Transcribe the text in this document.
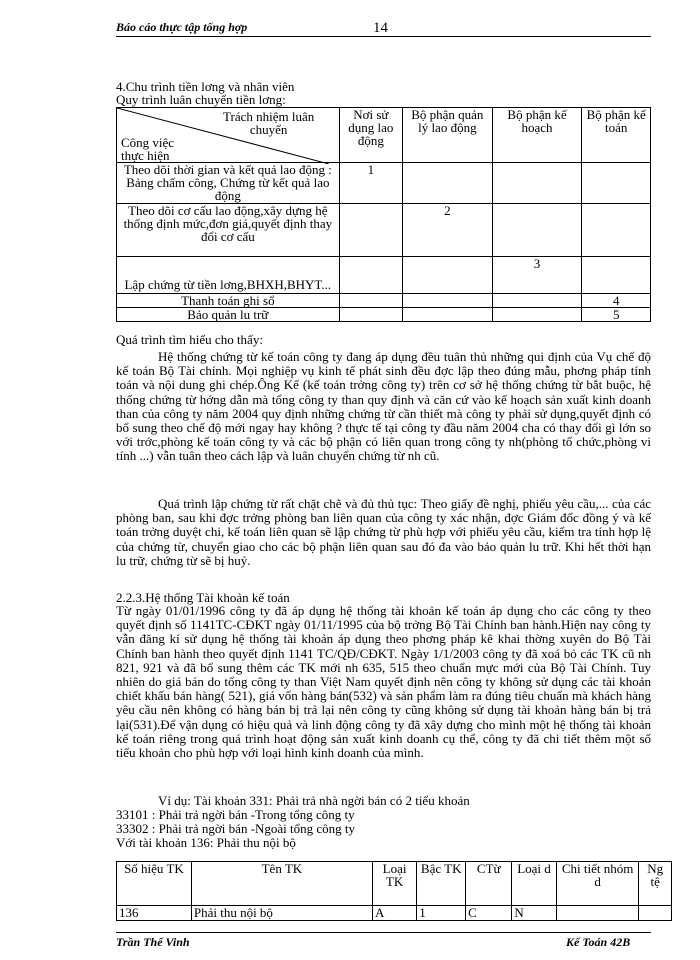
Báo cáo thực tập tổng hợp	14
4.Chu trình tiền lơng và nhân viên
Quy trình luân chuyển tiền lơng:
Trách nhiệm luân chuyển
Công việc thực hiện	Nơi sử dụng lao động	Bộ phận quản lý lao động	Bộ phận kế hoạch	Bộ phận kế toán
Theo dõi thời gian và kết quả lao động : Bảng chấm công, Chứng từ kết quả lao động	1			
Theo dõi cơ cấu lao động,xây dựng hệ thống định mức,đơn giá,quyết định thay đổi cơ cấu		2		
Lập chứng từ tiền lơng,BHXH,BHYT...			3	
Thanh toán ghi sổ				4
Bảo quản lu trữ				5
Quá trình tìm hiểu cho thấy:
Hệ thống chứng từ kế toán công ty đang áp dụng đều tuân thủ những qui định của Vụ chế độ kế toán Bộ Tài chính. Mọi nghiệp vụ kinh tế phát sinh đều đợc lập theo đúng mẫu, phơng pháp tính toán và nội dung ghi chép.Ông Kế (kế toán trởng công ty) trên cơ sở hệ thống chứng từ bắt buộc, hệ thống chứng từ hớng dẫn mà tổng công ty than quy định và căn cứ vào kế hoạch sản xuất kinh doanh than của công ty năm 2004 quy định những chứng từ cần thiết mà công ty phải sử dụng,quyết định có bổ sung theo chế độ mới ngay hay không ? thực tế tại công ty đầu năm 2004 cha có thay đổi gì lớn so với trớc,phòng kế toán công ty và các bộ phận có liên quan trong công ty nh(phòng tổ chức,phòng vi tính ...) vẫn tuân theo cách lập và luân chuyển chứng từ nh cũ.
Quá trình lập chứng từ rất chặt chẽ và đủ thủ tục: Theo giấy đề nghị, phiếu yêu cầu,... của các phòng ban, sau khi đợc trởng phòng ban liên quan của công ty xác nhận, đợc Giám đốc đồng ý và kế toán trởng duyệt chi, kế toán liên quan sẽ lập chứng từ phù hợp với phiếu yêu cầu, kiểm tra tính hợp lệ của chứng từ, chuyển giao cho các bộ phận liên quan sau đó đa vào bảo quản lu trữ. Khi hết thời hạn lu trữ, chứng từ sẽ bị huỷ.
2.2.3.Hệ thống Tài khoản kế toán
Từ ngày 01/01/1996 công ty đã áp dụng hệ thống tài khoản kế toán áp dụng cho các công ty theo quyết định số 1141TC-CĐKT ngày 01/11/1995 của bộ trởng Bộ Tài Chính ban hành.Hiện nay công ty vẫn đăng kí sử dụng hệ thống tài khoản áp dụng theo phơng pháp kê khai thờng xuyên do Bộ Tài Chính ban hành theo quyết định 1141 TC/QĐ/CĐKT. Ngày 1/1/2003 công ty đã xoá bỏ các TK cũ nh 821, 921 và đã bổ sung thêm các TK mới nh 635, 515 theo chuẩn mực mới của Bộ Tài Chính. Tuy nhiên do giá bán do tổng công ty than Việt Nam quyết định nên công ty không sử dụng các tài khoản chiết khấu bán hàng( 521), giá vốn hàng bán(532) và sản phẩm làm ra đúng tiêu chuẩn mà khách hàng yêu cầu nên không có hàng bán bị trả lại nên công ty cũng không sử dụng tài khoản hàng bán bị trả lại(531).Để vận dụng có hiệu quả và linh động công ty đã xây dựng cho mình một hệ thống tài khoản kế toán riêng trong quá trình hoạt động sản xuất kinh doanh cụ thể, công ty đã chi tiết thêm một số tiểu khoản cho phù hợp với loại hình kinh doanh của mình.
Ví dụ: Tài khoản 331: Phải trả nhà ngời bán có 2 tiểu khoản
33101 : Phải trả ngời bán -Trong tổng công ty
33302 : Phải trả ngời bán -Ngoài tổng công ty
Với tài khoản 136: Phải thu nội bộ
Số hiệu TK	Tên TK	Loại TK	Bậc TK	CTừ	Loại d	Chi tiết nhóm d	Ng tệ
136	Phải thu nội bộ	A	1	C	N		
Trần Thế Vinh	Kế Toán 42B
